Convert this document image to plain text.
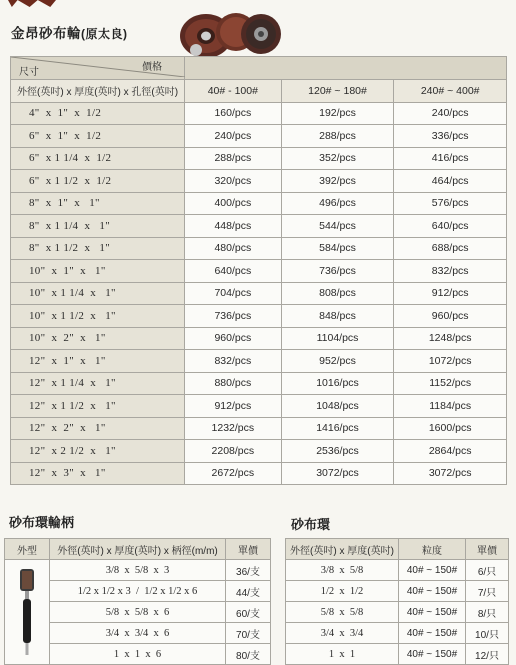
金昂砂布輪(原太良)
價格
尺寸			

外徑(英吋) x 厚度(英吋) x 孔徑(英吋)	40# - 100#	120# ~ 180#	240# ~ 400#
4"  x  1"  x  1/2	160/pcs	192/pcs	240/pcs
6"  x  1"  x  1/2	240/pcs	288/pcs	336/pcs
6"  x 1 1/4  x  1/2	288/pcs	352/pcs	416/pcs
6"  x 1 1/2  x  1/2	320/pcs	392/pcs	464/pcs
8"  x  1"  x   1"	400/pcs	496/pcs	576/pcs
8"  x 1 1/4  x   1"	448/pcs	544/pcs	640/pcs
8"  x 1 1/2  x   1"	480/pcs	584/pcs	688/pcs
10"  x  1"  x   1"	640/pcs	736/pcs	832/pcs
10"  x 1 1/4  x   1"	704/pcs	808/pcs	912/pcs
10"  x 1 1/2  x   1"	736/pcs	848/pcs	960/pcs
10"  x  2"  x   1"	960/pcs	1104/pcs	1248/pcs
12"  x  1"  x   1"	832/pcs	952/pcs	1072/pcs
12"  x 1 1/4  x   1"	880/pcs	1016/pcs	1152/pcs
12"  x 1 1/2  x   1"	912/pcs	1048/pcs	1184/pcs
12"  x  2"  x   1"	1232/pcs	1416/pcs	1600/pcs
12"  x 2 1/2  x   1"	2208/pcs	2536/pcs	2864/pcs
12"  x  3"  x   1"	2672/pcs	3072/pcs	3072/pcs
砂布環輪柄
外型	外徑(英吋) x 厚度(英吋) x 柄徑(m/m)	單價
	3/8  x  5/8  x  3	36/支
	1/2 x 1/2 x 3  /  1/2 x 1/2 x 6	44/支
	5/8  x  5/8  x  6	60/支
	3/4  x  3/4  x  6	70/支
	1  x  1  x  6	80/支
砂布環
外徑(英吋) x 厚度(英吋)	粒度	單價
3/8  x  5/8	40# ~ 150#	6/只
1/2  x  1/2	40# ~ 150#	7/只
5/8  x  5/8	40# ~ 150#	8/只
3/4  x  3/4	40# ~ 150#	10/只
1  x  1	40# ~ 150#	12/只
